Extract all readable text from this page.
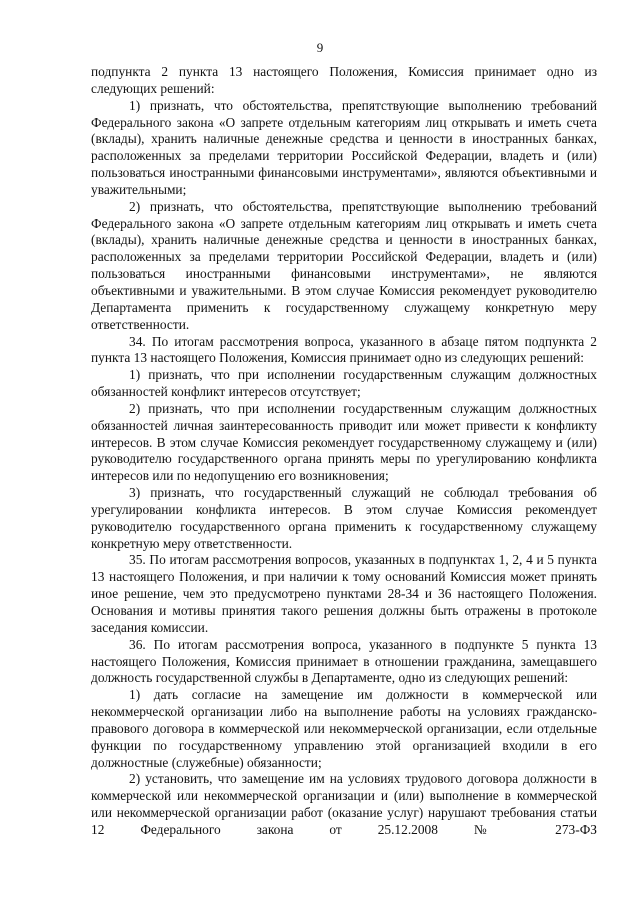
9

подпункта 2 пункта 13 настоящего Положения, Комиссия принимает одно из следующих решений:

1) признать, что обстоятельства, препятствующие выполнению требований Федерального закона «О запрете отдельным категориям лиц открывать и иметь счета (вклады), хранить наличные денежные средства и ценности в иностранных банках, расположенных за пределами территории Российской Федерации, владеть и (или) пользоваться иностранными финансовыми инструментами», являются объективными и уважительными;

2) признать, что обстоятельства, препятствующие выполнению требований Федерального закона «О запрете отдельным категориям лиц открывать и иметь счета (вклады), хранить наличные денежные средства и ценности в иностранных банках, расположенных за пределами территории Российской Федерации, владеть и (или) пользоваться иностранными финансовыми инструментами», не являются объективными и уважительными. В этом случае Комиссия рекомендует руководителю Департамента применить к государственному служащему конкретную меру ответственности.

34. По итогам рассмотрения вопроса, указанного в абзаце пятом подпункта 2 пункта 13 настоящего Положения, Комиссия принимает одно из следующих решений:

1) признать, что при исполнении государственным служащим должностных обязанностей конфликт интересов отсутствует;

2) признать, что при исполнении государственным служащим должностных обязанностей личная заинтересованность приводит или может привести к конфликту интересов. В этом случае Комиссия рекомендует государственному служащему и (или) руководителю государственного органа принять меры по урегулированию конфликта интересов или по недопущению его возникновения;

3) признать, что государственный служащий не соблюдал требования об урегулировании конфликта интересов. В этом случае Комиссия рекомендует руководителю государственного органа применить к государственному служащему конкретную меру ответственности.

35. По итогам рассмотрения вопросов, указанных в подпунктах 1, 2, 4 и 5 пункта 13 настоящего Положения, и при наличии к тому оснований Комиссия может принять иное решение, чем это предусмотрено пунктами 28-34 и 36 настоящего Положения. Основания и мотивы принятия такого решения должны быть отражены в протоколе заседания комиссии.

36. По итогам рассмотрения вопроса, указанного в подпункте 5 пункта 13 настоящего Положения, Комиссия принимает в отношении гражданина, замещавшего должность государственной службы в Департаменте, одно из следующих решений:

1) дать согласие на замещение им должности в коммерческой или некоммерческой организации либо на выполнение работы на условиях гражданско-правового договора в коммерческой или некоммерческой организации, если отдельные функции по государственному управлению этой организацией входили в его должностные (служебные) обязанности;

2) установить, что замещение им на условиях трудового договора должности в коммерческой или некоммерческой организации и (или) выполнение в коммерческой или некоммерческой организации работ (оказание услуг) нарушают требования статьи 12 Федерального закона от 25.12.2008 № 273-ФЗ
